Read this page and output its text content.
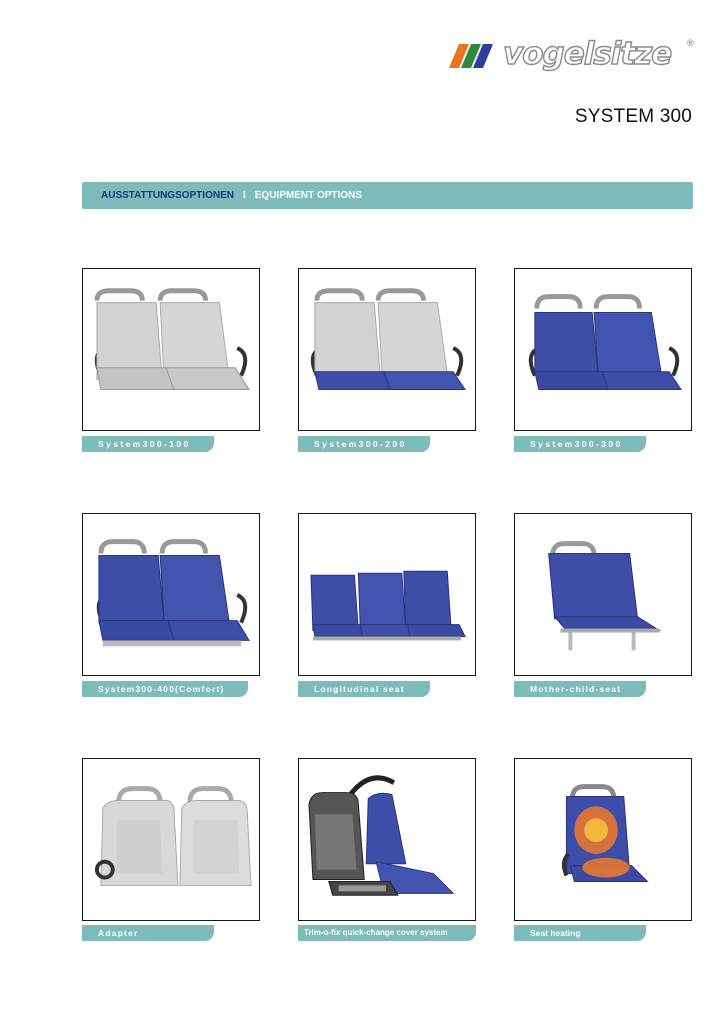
vogelsitze ®
SYSTEM 300
AUSSTATTUNGSOPTIONEN I EQUIPMENT OPTIONS
System300-100	System300-200	System300-300
System300-400(Comfort)	Longitudinal seat	Mother-child-seat
Adapter	Trim-o-fix quick-change cover system	Seat heating
